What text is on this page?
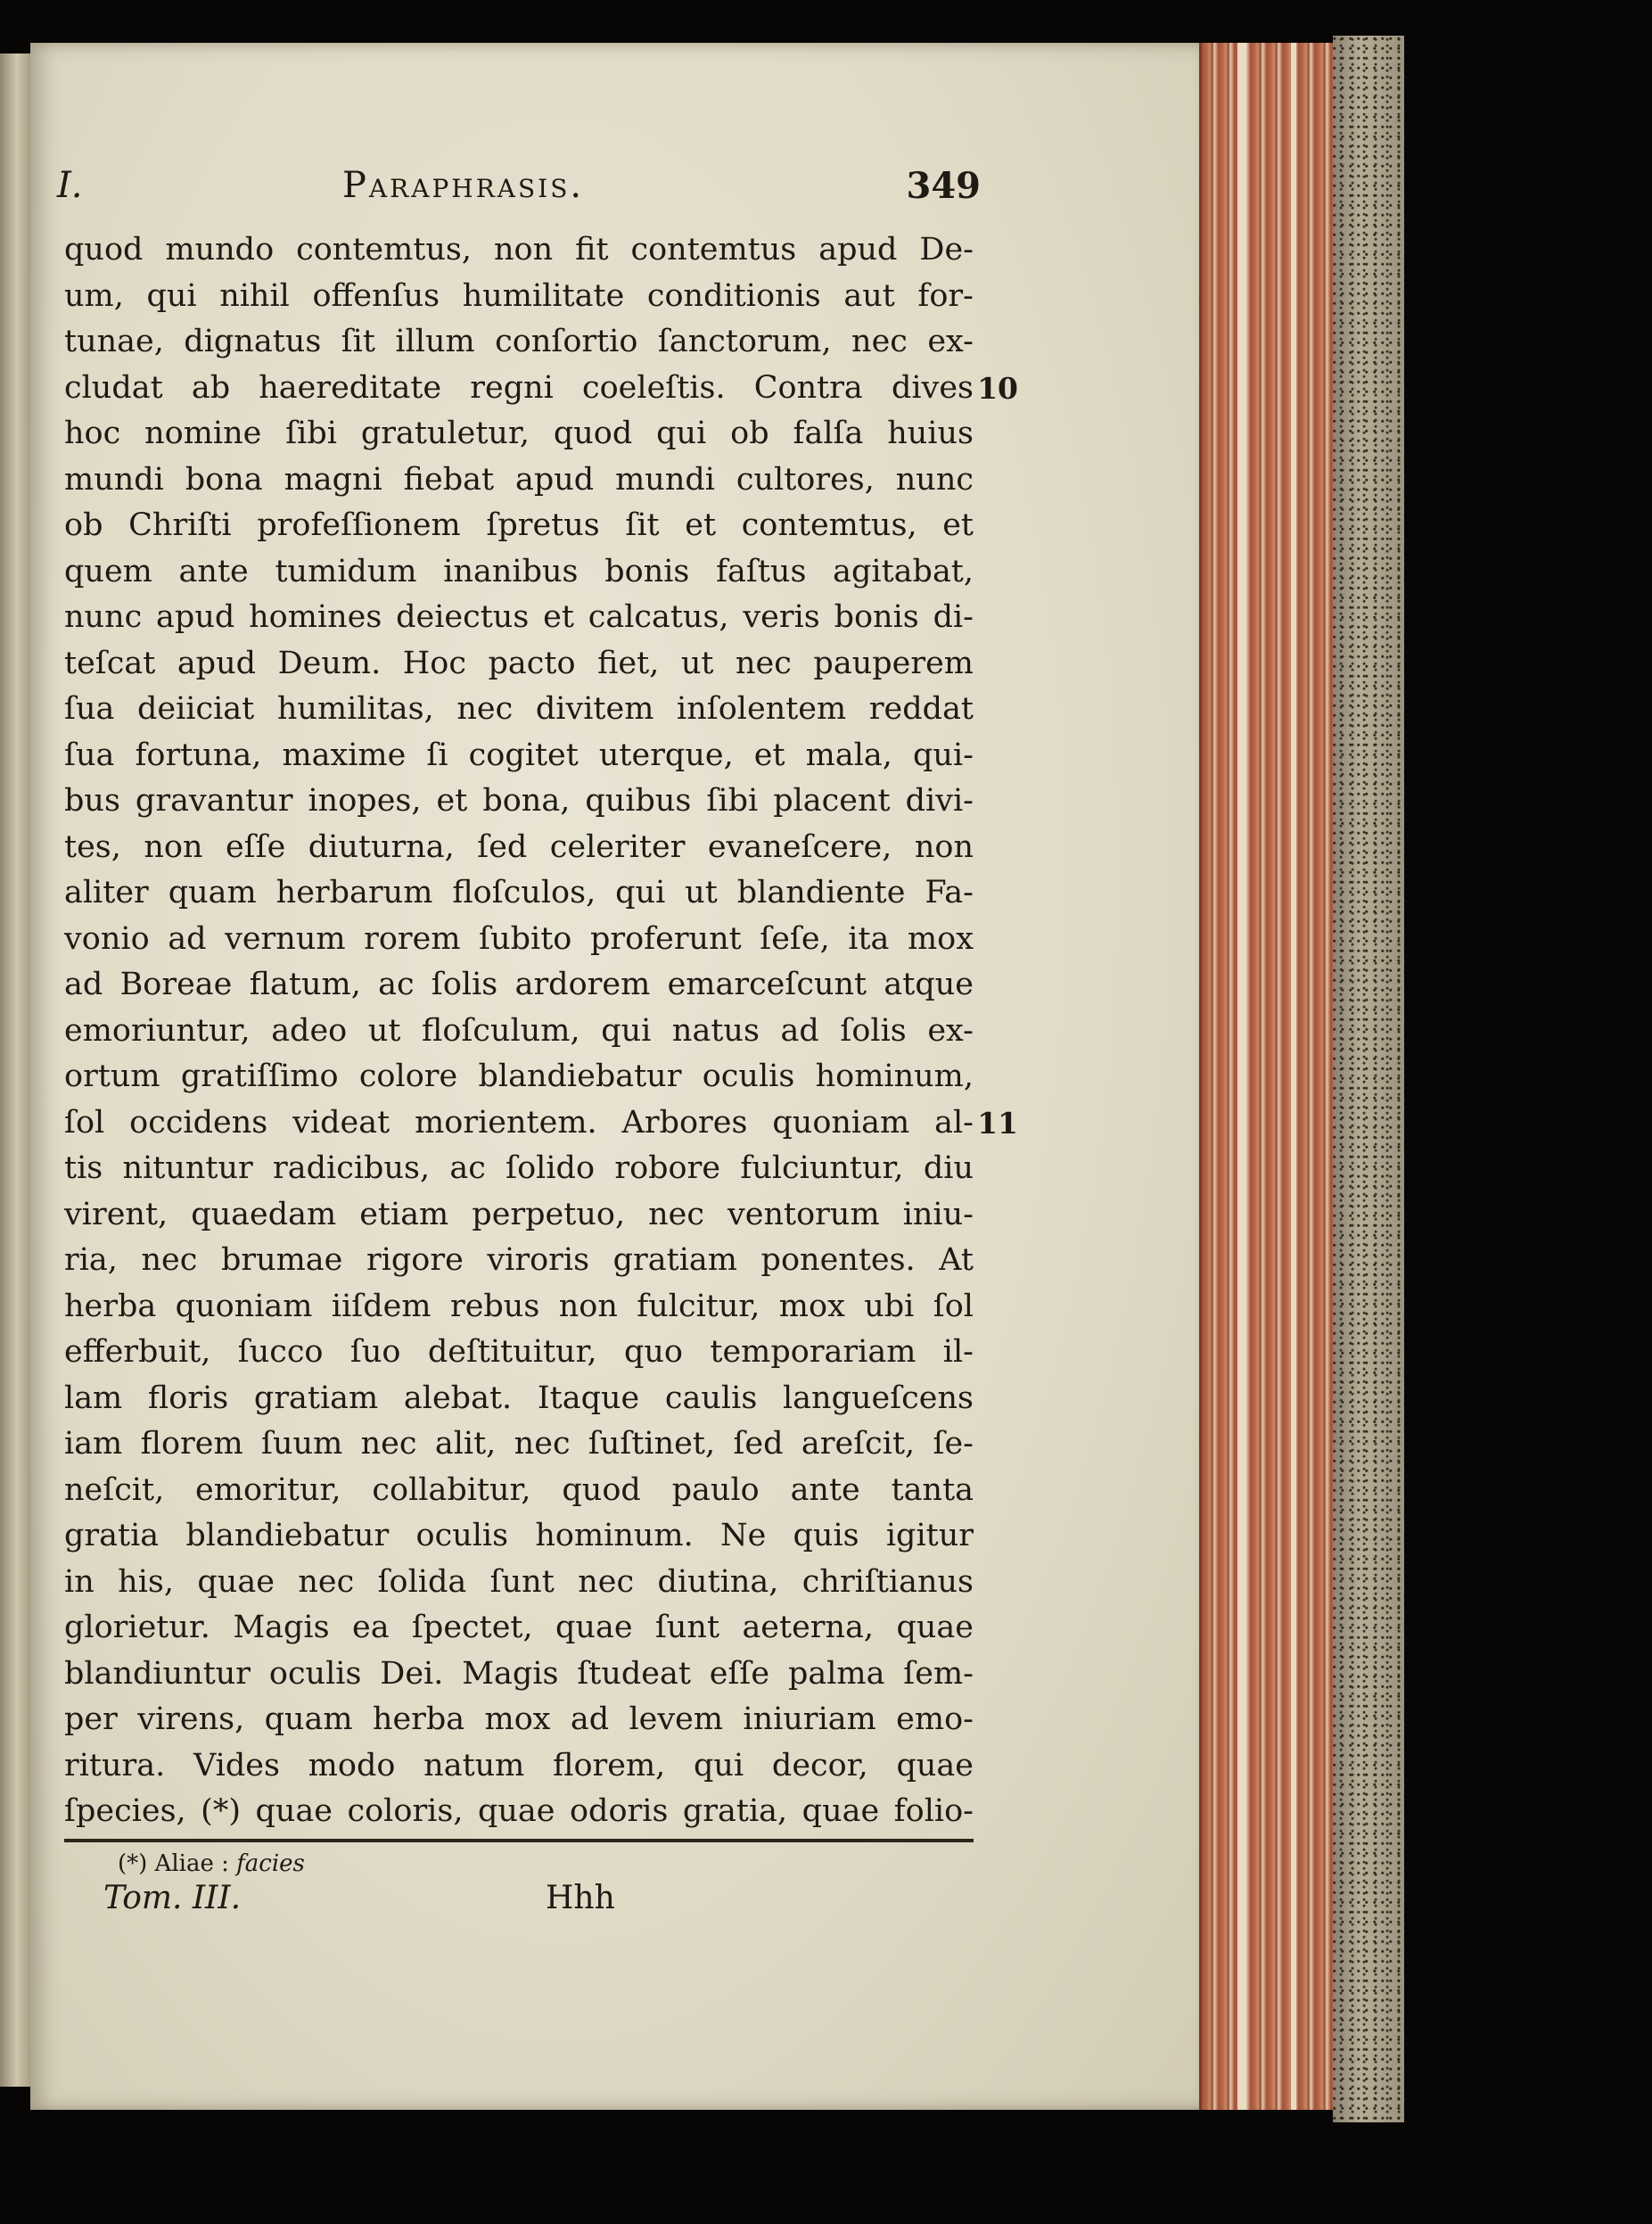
I.	Paraphrasis.	349
quod mundo contemtus, non fit contemtus apud De-
um, qui nihil offenſus humilitate conditionis aut for-
tunae, dignatus ſit illum conſortio ſanctorum, nec ex-
cludat ab haereditate regni coeleſtis. Contra dives 10
hoc nomine ſibi gratuletur, quod qui ob falſa huius
mundi bona magni fiebat apud mundi cultores, nunc
ob Chriſti profeſſionem ſpretus ſit et contemtus, et
quem ante tumidum inanibus bonis faſtus agitabat,
nunc apud homines deiectus et calcatus, veris bonis di-
teſcat apud Deum. Hoc pacto fiet, ut nec pauperem
ſua deiiciat humilitas, nec divitem inſolentem reddat
ſua fortuna, maxime ſi cogitet uterque, et mala, qui-
bus gravantur inopes, et bona, quibus ſibi placent divi-
tes, non eſſe diuturna, ſed celeriter evaneſcere, non
aliter quam herbarum floſculos, qui ut blandiente Fa-
vonio ad vernum rorem ſubito proferunt ſeſe, ita mox
ad Boreae flatum, ac ſolis ardorem emarceſcunt atque
emoriuntur, adeo ut floſculum, qui natus ad ſolis ex-
ortum gratiſſimo colore blandiebatur oculis hominum,
ſol occidens videat morientem. Arbores quoniam al- 11
tis nituntur radicibus, ac ſolido robore fulciuntur, diu
virent, quaedam etiam perpetuo, nec ventorum iniu-
ria, nec brumae rigore viroris gratiam ponentes. At
herba quoniam iiſdem rebus non fulcitur, mox ubi ſol
efferbuit, ſucco ſuo deſtituitur, quo temporariam il-
lam floris gratiam alebat. Itaque caulis langueſcens
iam florem ſuum nec alit, nec ſuſtinet, ſed areſcit, ſe-
neſcit, emoritur, collabitur, quod paulo ante tanta
gratia blandiebatur oculis hominum. Ne quis igitur
in his, quae nec ſolida ſunt nec diutina, chriſtianus
glorietur. Magis ea ſpectet, quae ſunt aeterna, quae
blandiuntur oculis Dei. Magis ſtudeat eſſe palma ſem-
per virens, quam herba mox ad levem iniuriam emo-
ritura. Vides modo natum florem, qui decor, quae
ſpecies, (*) quae coloris, quae odoris gratia, quae folio-
(*) Aliae : facies
Tom. III.	Hhh
